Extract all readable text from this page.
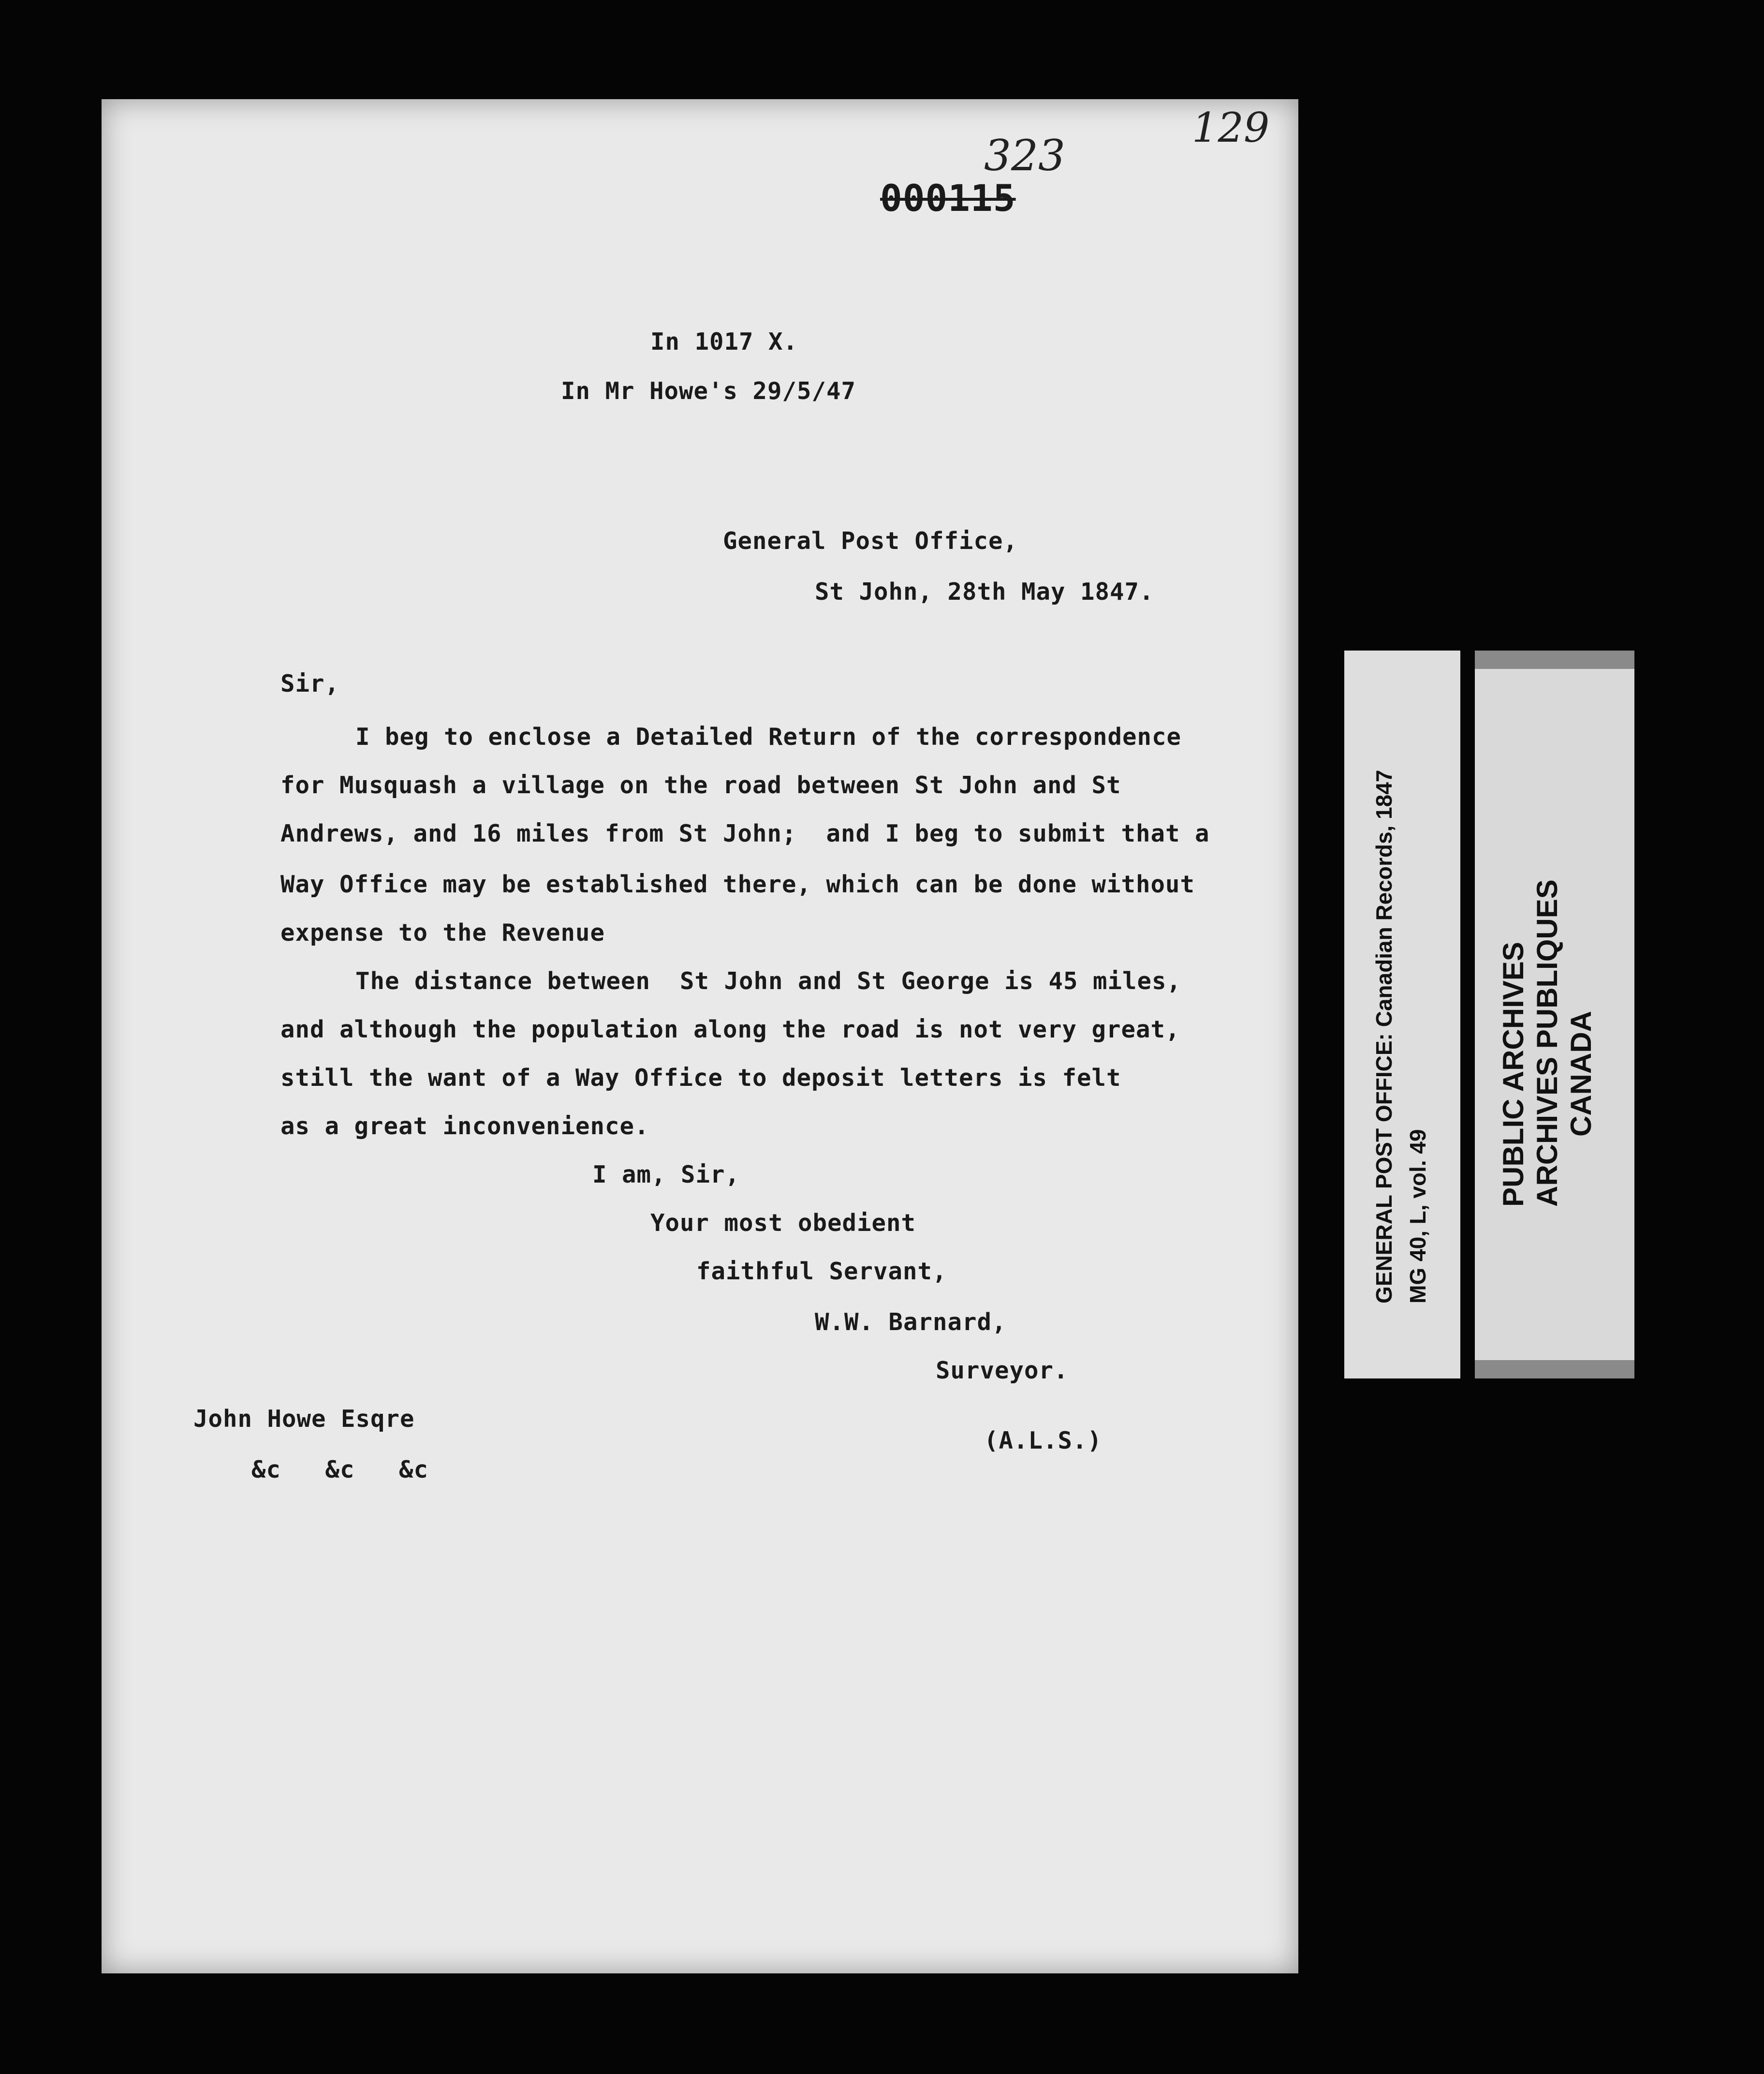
129
323
000115
In 1017 X.
In Mr Howe's 29/5/47
General Post Office,
St John, 28th May 1847.
Sir,
I beg to enclose a Detailed Return of the correspondence
for Musquash a village on the road between St John and St
Andrews, and 16 miles from St John;  and I beg to submit that a
Way Office may be established there, which can be done without
expense to the Revenue
The distance between  St John and St George is 45 miles,
and although the population along the road is not very great,
still the want of a Way Office to deposit letters is felt
as a great inconvenience.
I am, Sir,
Your most obedient
faithful Servant,
W.W. Barnard,
Surveyor.
John Howe Esqre
&c   &c   &c
(A.L.S.)
GENERAL POST OFFICE: Canadian Records, 1847 MG 40, L, vol. 49
PUBLIC ARCHIVES ARCHIVES PUBLIQUES CANADA
